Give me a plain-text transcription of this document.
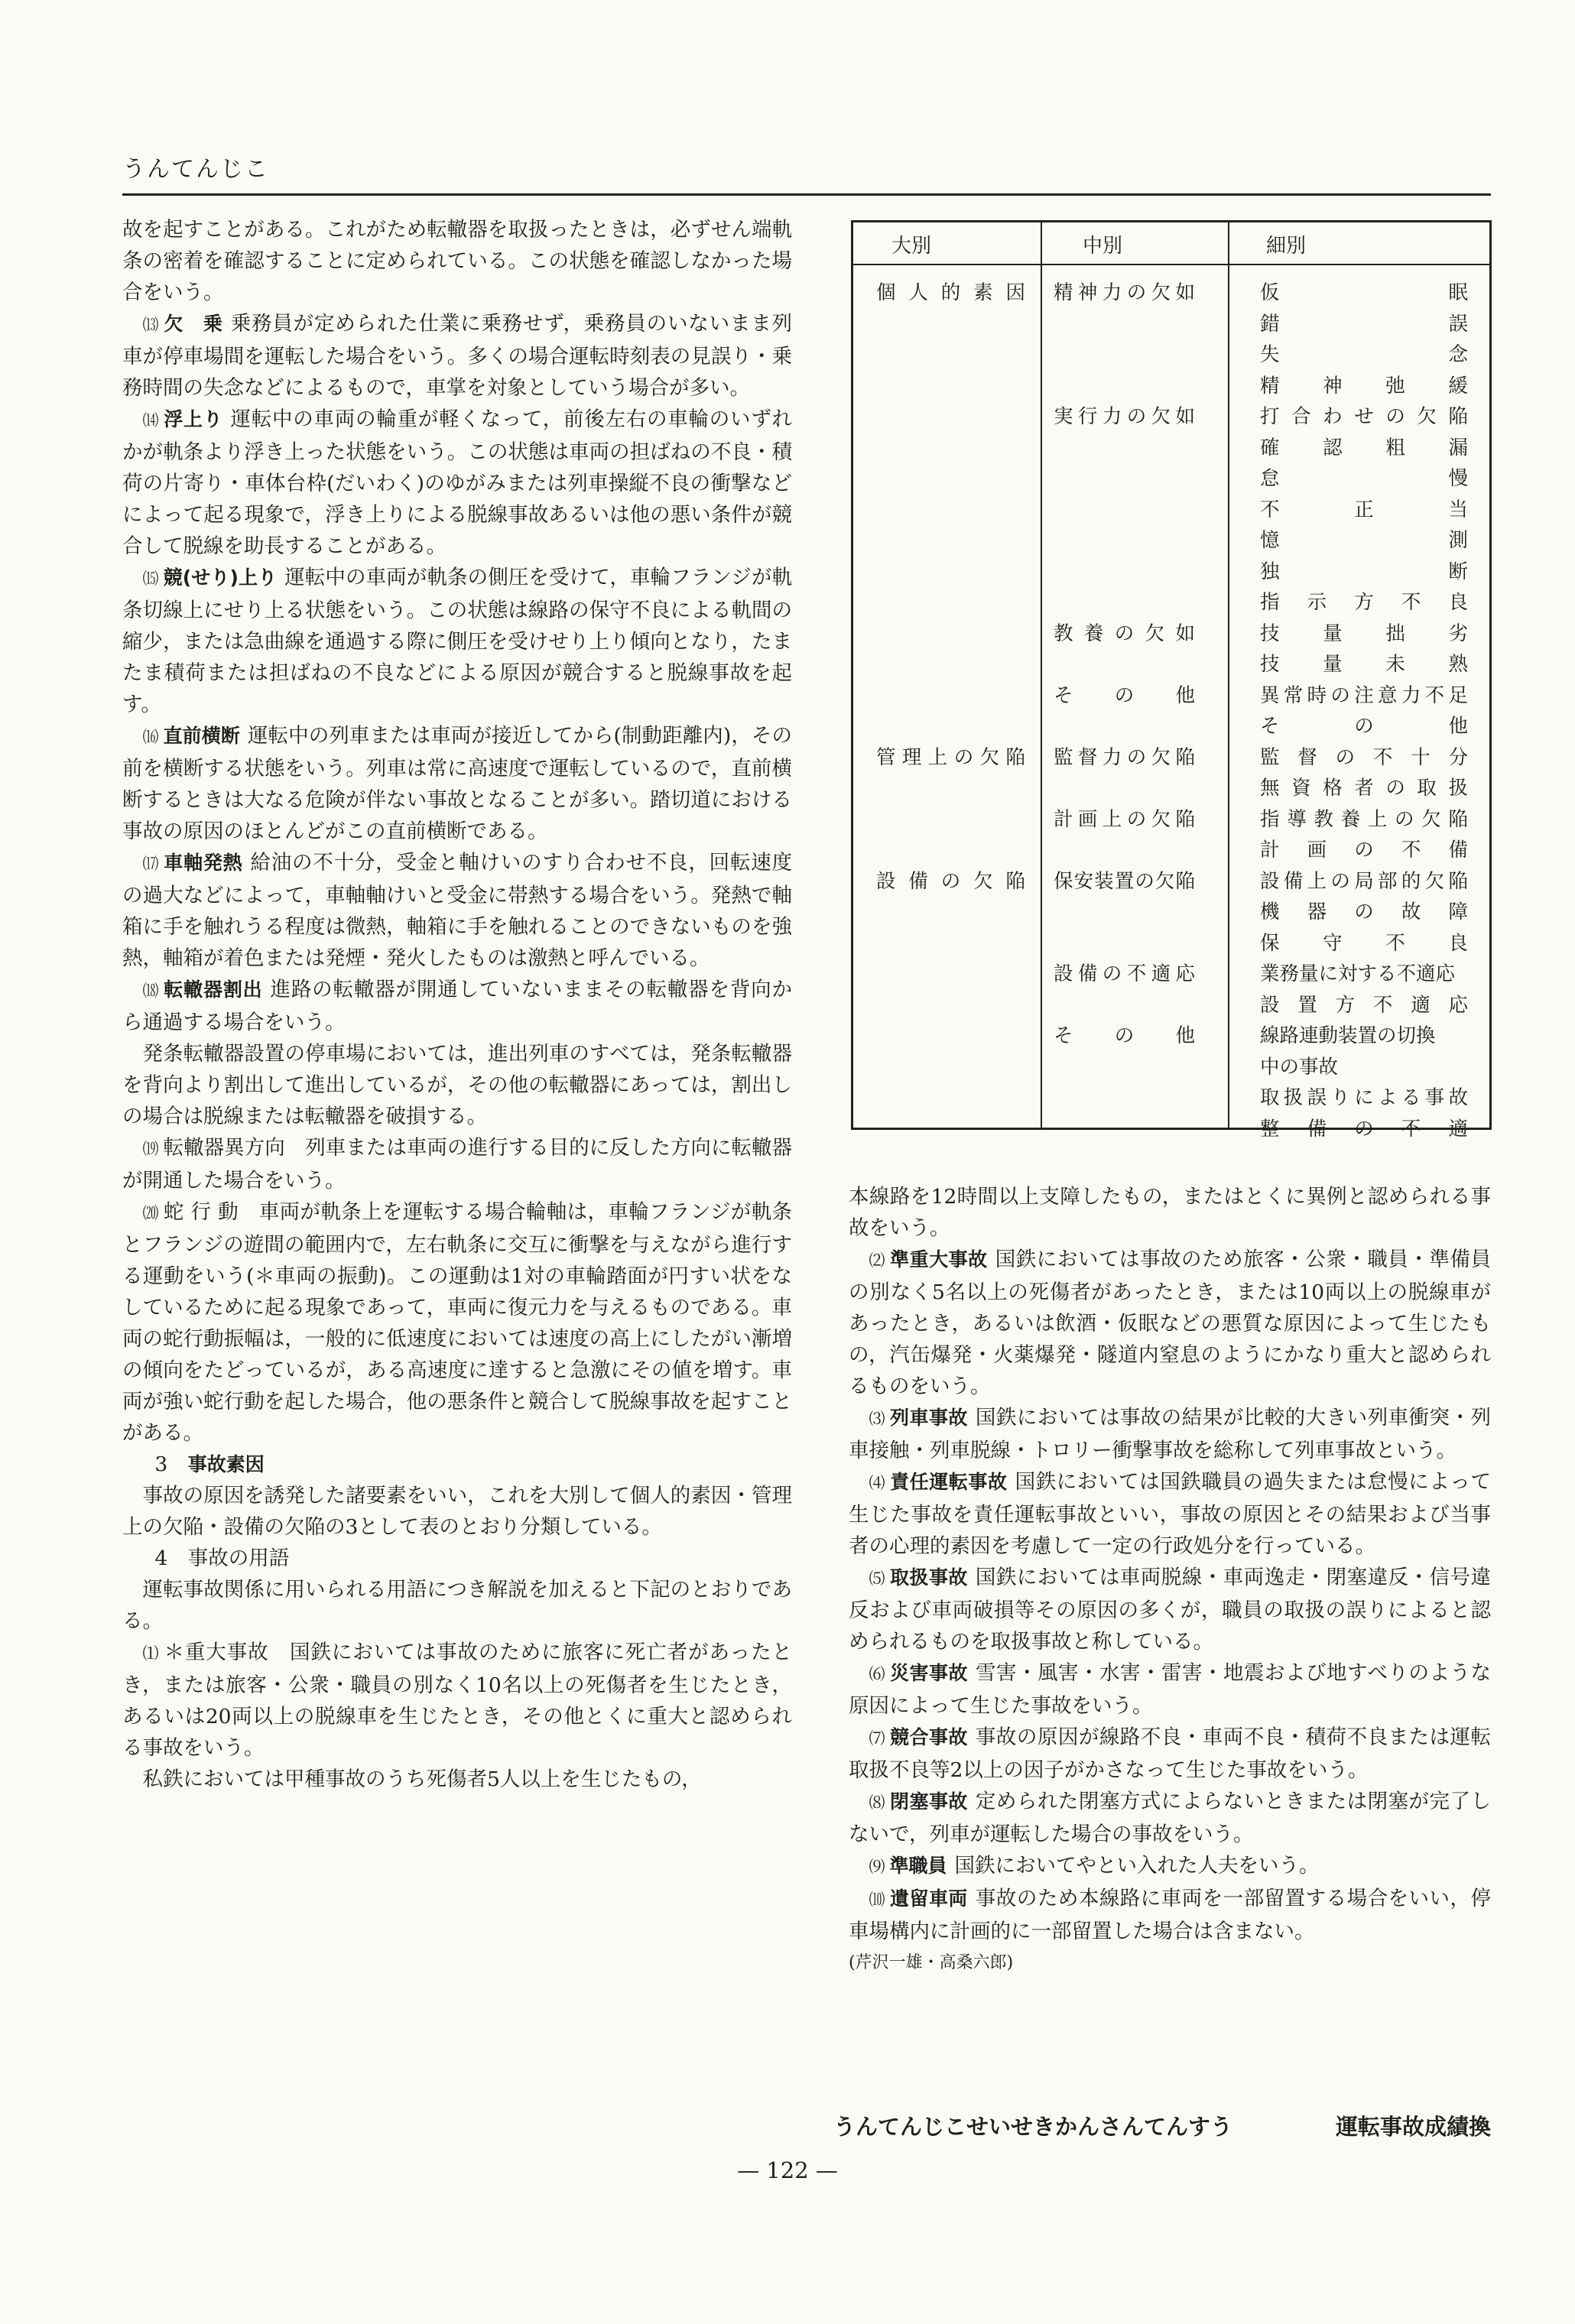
うんてんじこ

故を起すことがある。これがため転轍器を取扱ったときは，必ずせん端軌条の密着を確認することに定められている。この状態を確認しなかった場合をいう。

⒀ 欠　乗 乗務員が定められた仕業に乗務せず，乗務員のいないまま列車が停車場間を運転した場合をいう。多くの場合運転時刻表の見誤り・乗務時間の失念などによるもので，車掌を対象としていう場合が多い。

⒁ 浮上り 運転中の車両の輪重が軽くなって，前後左右の車輪のいずれかが軌条より浮き上った状態をいう。この状態は車両の担ばねの不良・積荷の片寄り・車体台枠(だいわく)のゆがみまたは列車操縦不良の衝撃などによって起る現象で，浮き上りによる脱線事故あるいは他の悪い条件が競合して脱線を助長することがある。

⒂ 競(せり)上り 運転中の車両が軌条の側圧を受けて，車輪フランジが軌条切線上にせり上る状態をいう。この状態は線路の保守不良による軌間の縮少，または急曲線を通過する際に側圧を受けせり上り傾向となり，たまたま積荷または担ばねの不良などによる原因が競合すると脱線事故を起す。

⒃ 直前横断 運転中の列車または車両が接近してから(制動距離内)，その前を横断する状態をいう。列車は常に高速度で運転しているので，直前横断するときは大なる危険が伴ない事故となることが多い。踏切道における事故の原因のほとんどがこの直前横断である。

⒄ 車軸発熱 給油の不十分，受金と軸けいのすり合わせ不良，回転速度の過大などによって，車軸軸けいと受金に帯熱する場合をいう。発熱で軸箱に手を触れうる程度は微熱，軸箱に手を触れることのできないものを強熱，軸箱が着色または発煙・発火したものは激熱と呼んでいる。

⒅ 転轍器割出 進路の転轍器が開通していないままその転轍器を背向から通過する場合をいう。

発条転轍器設置の停車場においては，進出列車のすべては，発条転轍器を背向より割出して進出しているが，その他の転轍器にあっては，割出しの場合は脱線または転轍器を破損する。

⒆ 転轍器異方向　列車または車両の進行する目的に反した方向に転轍器が開通した場合をいう。

⒇ 蛇 行 動　車両が軌条上を運転する場合輪軸は，車輪フランジが軌条とフランジの遊間の範囲内で，左右軌条に交互に衝撃を与えながら進行する運動をいう(＊車両の振動)。この運動は1対の車輪踏面が円すい状をなしているために起る現象であって，車両に復元力を与えるものである。車両の蛇行動振幅は，一般的に低速度においては速度の高上にしたがい漸増の傾向をたどっているが，ある高速度に達すると急激にその値を増す。車両が強い蛇行動を起した場合，他の悪条件と競合して脱線事故を起すことがある。

3　 事故素因

事故の原因を誘発した諸要素をいい，これを大別して個人的素因・管理上の欠陥・設備の欠陥の3として表のとおり分類している。

4　 事故の用語

運転事故関係に用いられる用語につき解説を加えると下記のとおりである。

⑴ ＊重大事故　 国鉄においては事故のために旅客に死亡者があったとき，または旅客・公衆・職員の別なく10名以上の死傷者を生じたとき，あるいは20両以上の脱線車を生じたとき，その他とくに重大と認められる事故をいう。

私鉄においては甲種事故のうち死傷者5人以上を生じたもの，

大別	中別	細別
個人的素因 精神力の欠如	仮眠
錯誤
失念
精神弛緩
実行力の欠如	打合わせの欠陥
確認粗漏
怠慢
不正当
憶測
独断
指示方不良
教養の欠如	技量拙劣
技量未熟
その他	異常時の注意力不足
その他
管理上の欠陥 監督力の欠陥	監督の不十分
無資格者の取扱
計画上の欠陥	指導教養上の欠陥
計画の不備
設備の欠陥 保安装置の欠陥	設備上の局部的欠陥
機器の故障
保守不良
設備の不適応	業務量に対する不適応
設置方不適応
その他	線路連動装置の切換
中の事故
取扱誤りによる事故
整備の不適

本線路を12時間以上支障したもの，またはとくに異例と認められる事故をいう。

⑵ 準重大事故 国鉄においては事故のため旅客・公衆・職員・準備員の別なく5名以上の死傷者があったとき，または10両以上の脱線車があったとき，あるいは飲酒・仮眠などの悪質な原因によって生じたもの，汽缶爆発・火薬爆発・隧道内窒息のようにかなり重大と認められるものをいう。

⑶ 列車事故 国鉄においては事故の結果が比較的大きい列車衝突・列車接触・列車脱線・トロリー衝撃事故を総称して列車事故という。

⑷ 責任運転事故 国鉄においては国鉄職員の過失または怠慢によって生じた事故を責任運転事故といい，事故の原因とその結果および当事者の心理的素因を考慮して一定の行政処分を行っている。

⑸ 取扱事故 国鉄においては車両脱線・車両逸走・閉塞違反・信号違反および車両破損等その原因の多くが，職員の取扱の誤りによると認められるものを取扱事故と称している。

⑹ 災害事故 雪害・風害・水害・雷害・地震および地すべりのような原因によって生じた事故をいう。

⑺ 競合事故 事故の原因が線路不良・車両不良・積荷不良または運転取扱不良等2以上の因子がかさなって生じた事故をいう。

⑻ 閉塞事故 定められた閉塞方式によらないときまたは閉塞が完了しないで，列車が運転した場合の事故をいう。

⑼ 準職員 国鉄においてやとい入れた人夫をいう。

⑽ 遺留車両 事故のため本線路に車両を一部留置する場合をいい，停車場構内に計画的に一部留置した場合は含まない。

(芹沢一雄・高桑六郎)

うんてんじこせいせきかんさんてんすう	運転事故成績換
— 122 —
